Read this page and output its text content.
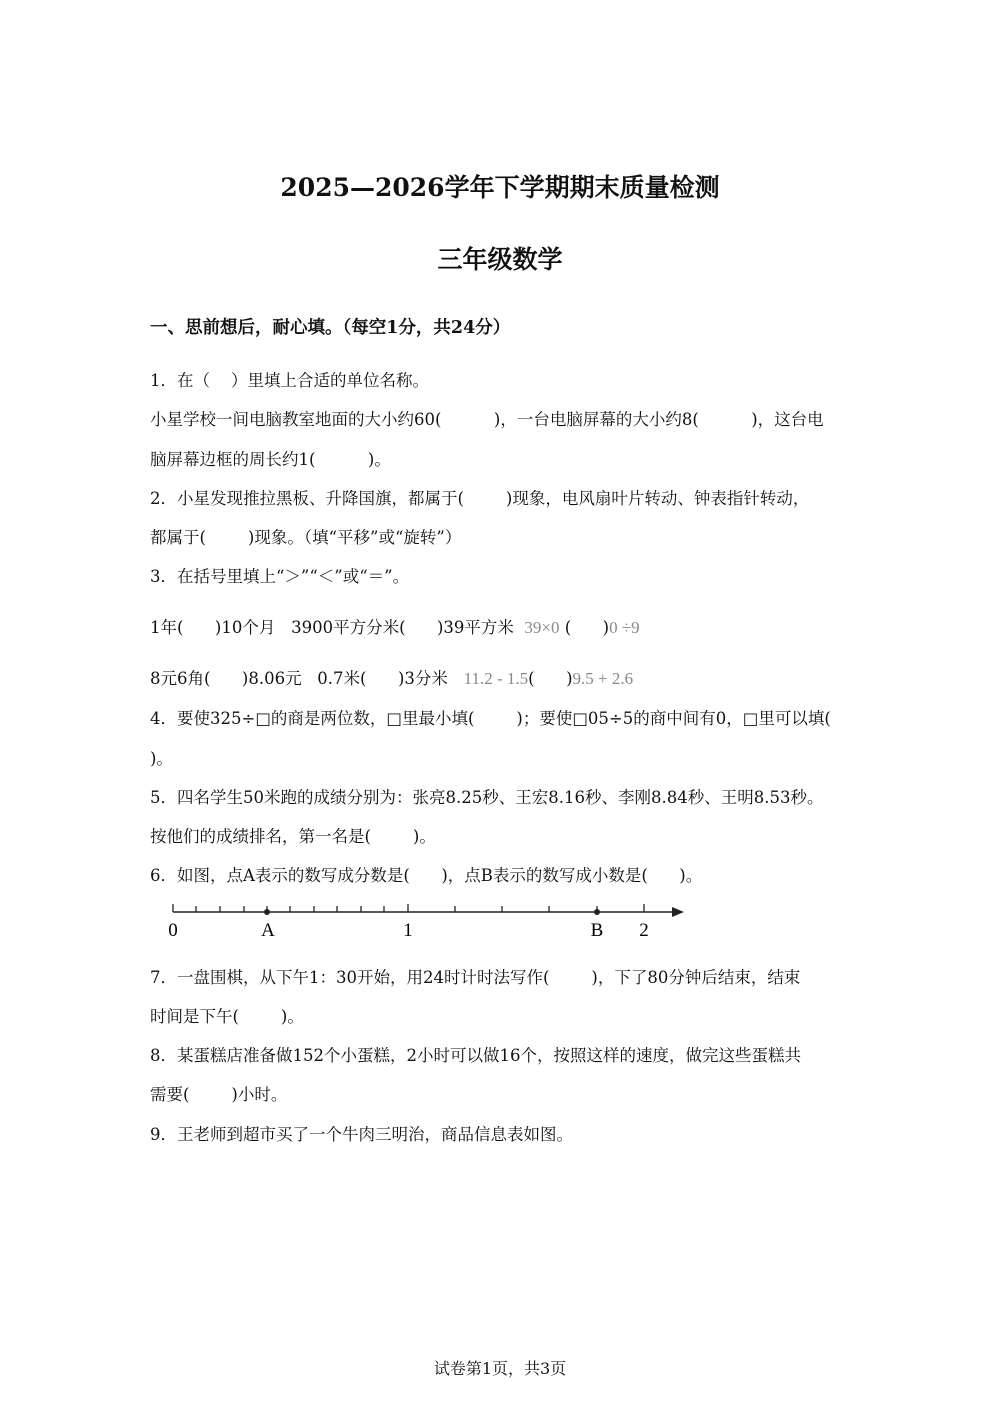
2025—2026学年下学期期末质量检测
三年级数学
一、思前想后，耐心填。（每空1分，共24分）
1．在（    ）里填上合适的单位名称。
小星学校一间电脑教室地面的大小约60(          )，一台电脑屏幕的大小约8(          )，这台电
脑屏幕边框的周长约1(          )。
2．小星发现推拉黑板、升降国旗，都属于(        )现象，电风扇叶片转动、钟表指针转动，
都属于(        )现象。（填“平移”或“旋转”）
3．在括号里填上“＞”“＜”或“＝”。
1年(      )10个月   3900平方分米(      )39平方米  39×0 (      )0 ÷9
8元6角(      )8.06元   0.7米(      )3分米   11.2 - 1.5(      )9.5 + 2.6
4．要使325÷□的商是两位数，□里最小填(        )；要使□05÷5的商中间有0，□里可以填(
)。
5．四名学生50米跑的成绩分别为：张亮8.25秒、王宏8.16秒、李刚8.84秒、王明8.53秒。
按他们的成绩排名，第一名是(        )。
6．如图，点A表示的数写成分数是(      )，点B表示的数写成小数是(      )。
0	A	1	B 2
7．一盘围棋，从下午1：30开始，用24时计时法写作(        )，下了80分钟后结束，结束
时间是下午(        )。
8．某蛋糕店准备做152个小蛋糕，2小时可以做16个，按照这样的速度，做完这些蛋糕共
需要(        )小时。
9．王老师到超市买了一个牛肉三明治，商品信息表如图。
试卷第1页，共3页
